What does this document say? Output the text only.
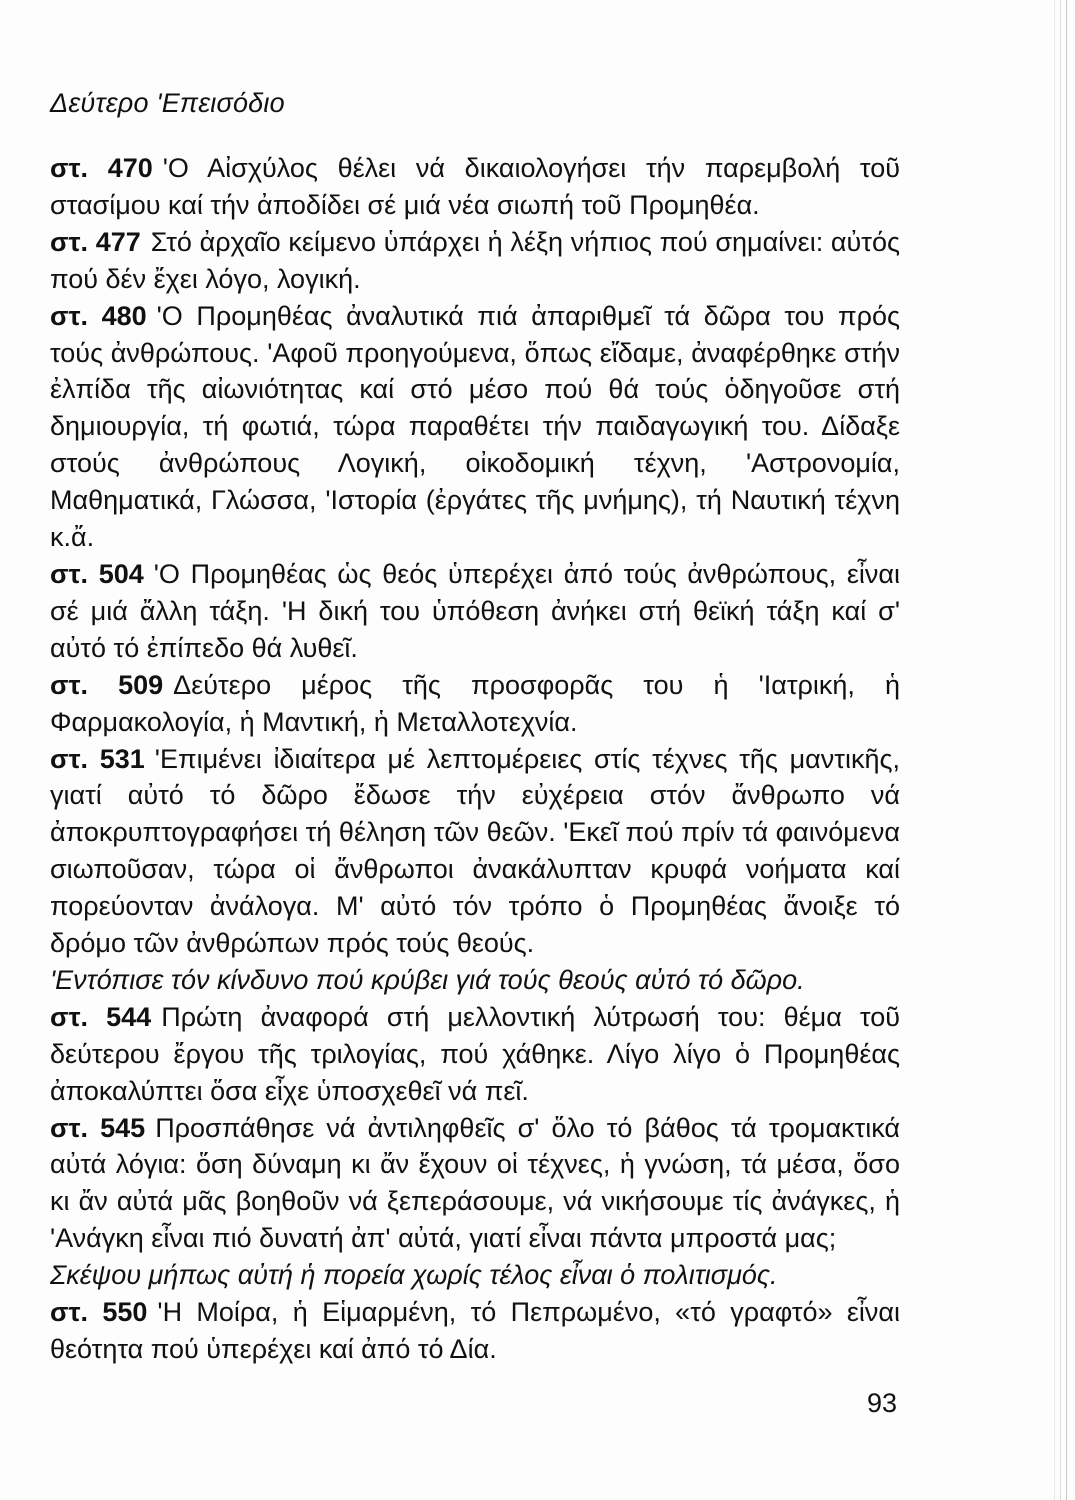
Δεύτερο 'Επεισόδιο

στ. 470 'Ο Αἰσχύλος θέλει νά δικαιολογήσει τήν παρεμβολή τοῦ στασίμου καί τήν ἀποδίδει σέ μιά νέα σιωπή τοῦ Προμηθέα.

στ. 477 Στό ἀρχαῖο κείμενο ὑπάρχει ἡ λέξη νήπιος πού σημαίνει: αὐτός πού δέν ἔχει λόγο, λογική.

στ. 480 'Ο Προμηθέας ἀναλυτικά πιά ἀπαριθμεῖ τά δῶρα του πρός τούς ἀνθρώπους. 'Αφοῦ προηγούμενα, ὅπως εἴδαμε, ἀναφέρθηκε στήν ἐλπίδα τῆς αἰωνιότητας καί στό μέσο πού θά τούς ὁδηγοῦσε στή δημιουργία, τή φωτιά, τώρα παραθέτει τήν παιδαγωγική του. Δίδαξε στούς ἀνθρώπους Λογική, οἰκοδομική τέχνη, 'Αστρονομία, Μαθηματικά, Γλώσσα, 'Ιστορία (ἐργάτες τῆς μνήμης), τή Ναυτική τέχνη κ.ἄ.

στ. 504 'Ο Προμηθέας ὡς θεός ὑπερέχει ἀπό τούς ἀνθρώπους, εἶναι σέ μιά ἄλλη τάξη. 'Η δική του ὑπόθεση ἀνήκει στή θεϊκή τάξη καί σ' αὐτό τό ἐπίπεδο θά λυθεῖ.

στ. 509 Δεύτερο μέρος τῆς προσφορᾶς του ἡ 'Ιατρική, ἡ Φαρμακολογία, ἡ Μαντική, ἡ Μεταλλοτεχνία.

στ. 531 'Επιμένει ἰδιαίτερα μέ λεπτομέρειες στίς τέχνες τῆς μαντικῆς, γιατί αὐτό τό δῶρο ἔδωσε τήν εὐχέρεια στόν ἄνθρωπο νά ἀποκρυπτογραφήσει τή θέληση τῶν θεῶν. 'Εκεῖ πού πρίν τά φαινόμενα σιωποῦσαν, τώρα οἱ ἄνθρωποι ἀνακάλυπταν κρυφά νοήματα καί πορεύονταν ἀνάλογα. Μ' αὐτό τόν τρόπο ὁ Προμηθέας ἄνοιξε τό δρόμο τῶν ἀνθρώπων πρός τούς θεούς.

'Εντόπισε τόν κίνδυνο πού κρύβει γιά τούς θεούς αὐτό τό δῶρο.

στ. 544 Πρώτη ἀναφορά στή μελλοντική λύτρωσή του: θέμα τοῦ δεύτερου ἔργου τῆς τριλογίας, πού χάθηκε. Λίγο λίγο ὁ Προμηθέας ἀποκαλύπτει ὅσα εἶχε ὑποσχεθεῖ νά πεῖ.

στ. 545 Προσπάθησε νά ἀντιληφθεῖς σ' ὅλο τό βάθος τά τρομακτικά αὐτά λόγια: ὅση δύναμη κι ἄν ἔχουν οἱ τέχνες, ἡ γνώση, τά μέσα, ὅσο κι ἄν αὐτά μᾶς βοηθοῦν νά ξεπεράσουμε, νά νικήσουμε τίς ἀνάγκες, ἡ 'Ανάγκη εἶναι πιό δυνατή ἀπ' αὐτά, γιατί εἶναι πάντα μπροστά μας;

Σκέψου μήπως αὐτή ἡ πορεία χωρίς τέλος εἶναι ὁ πολιτισμός.

στ. 550 'Η Μοίρα, ἡ Εἱμαρμένη, τό Πεπρωμένο, «τό γραφτό» εἶναι θεότητα πού ὑπερέχει καί ἀπό τό Δία.

93
